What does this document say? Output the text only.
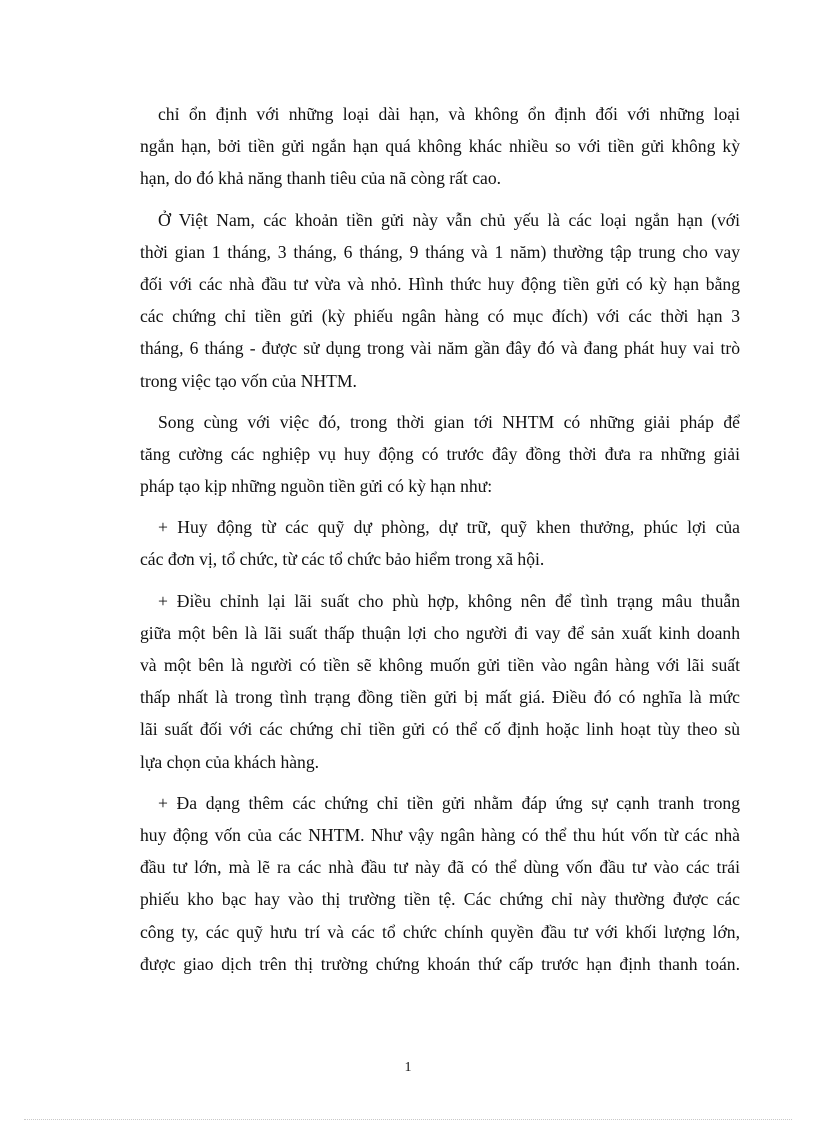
chỉ ổn định với những loại dài hạn, và không ổn định đối với những loại
ngắn hạn, bởi tiền gửi ngắn hạn quá không khác nhiều so với tiền gửi không kỳ
hạn, do đó khả năng thanh tiêu của nã còng rất cao.
Ở Việt Nam, các khoản tiền gửi này vẫn chủ yếu là các loại ngắn hạn (với
thời gian 1 tháng, 3 tháng, 6 tháng, 9 tháng và 1 năm) thường tập trung cho vay
đối với các nhà đầu tư vừa và nhỏ. Hình thức huy động tiền gửi có kỳ hạn bằng
các chứng chỉ tiền gửi (kỳ phiếu ngân hàng có mục đích) với các thời hạn 3
tháng, 6 tháng - được sử dụng trong vài năm gần đây đó và đang phát huy vai trò
trong việc tạo vốn của NHTM.
Song cùng với việc đó, trong thời gian tới NHTM có những giải pháp để
tăng cường các nghiệp vụ huy động có trước đây đồng thời đưa ra những giải
pháp tạo kịp những nguồn tiền gửi có kỳ hạn như:
+ Huy động từ các quỹ dự phòng, dự trữ, quỹ khen thưởng, phúc lợi của
các đơn vị, tổ chức, từ các tổ chức bảo hiểm trong xã hội.
+ Điều chỉnh lại lãi suất cho phù hợp, không nên để tình trạng mâu thuẫn
giữa một bên là lãi suất thấp thuận lợi cho người đi vay để sản xuất kinh doanh
và một bên là người có tiền sẽ không muốn gửi tiền vào ngân hàng với lãi suất
thấp nhất là trong tình trạng đồng tiền gửi bị mất giá. Điều đó có nghĩa là mức
lãi suất đối với các chứng chỉ tiền gửi có thể cố định hoặc linh hoạt tùy theo sù
lựa chọn của khách hàng.
+ Đa dạng thêm các chứng chỉ tiền gửi nhằm đáp ứng sự cạnh tranh trong
huy động vốn của các NHTM. Như vậy ngân hàng có thể thu hút vốn từ các nhà
đầu tư lớn, mà lẽ ra các nhà đầu tư này đã có thể dùng vốn đầu tư vào các trái
phiếu kho bạc hay vào thị trường tiền tệ. Các chứng chỉ này thường được các
công ty, các quỹ hưu trí và các tổ chức chính quyền đầu tư với khối lượng lớn,
được giao dịch trên thị trường chứng khoán thứ cấp trước hạn định thanh toán.
1
